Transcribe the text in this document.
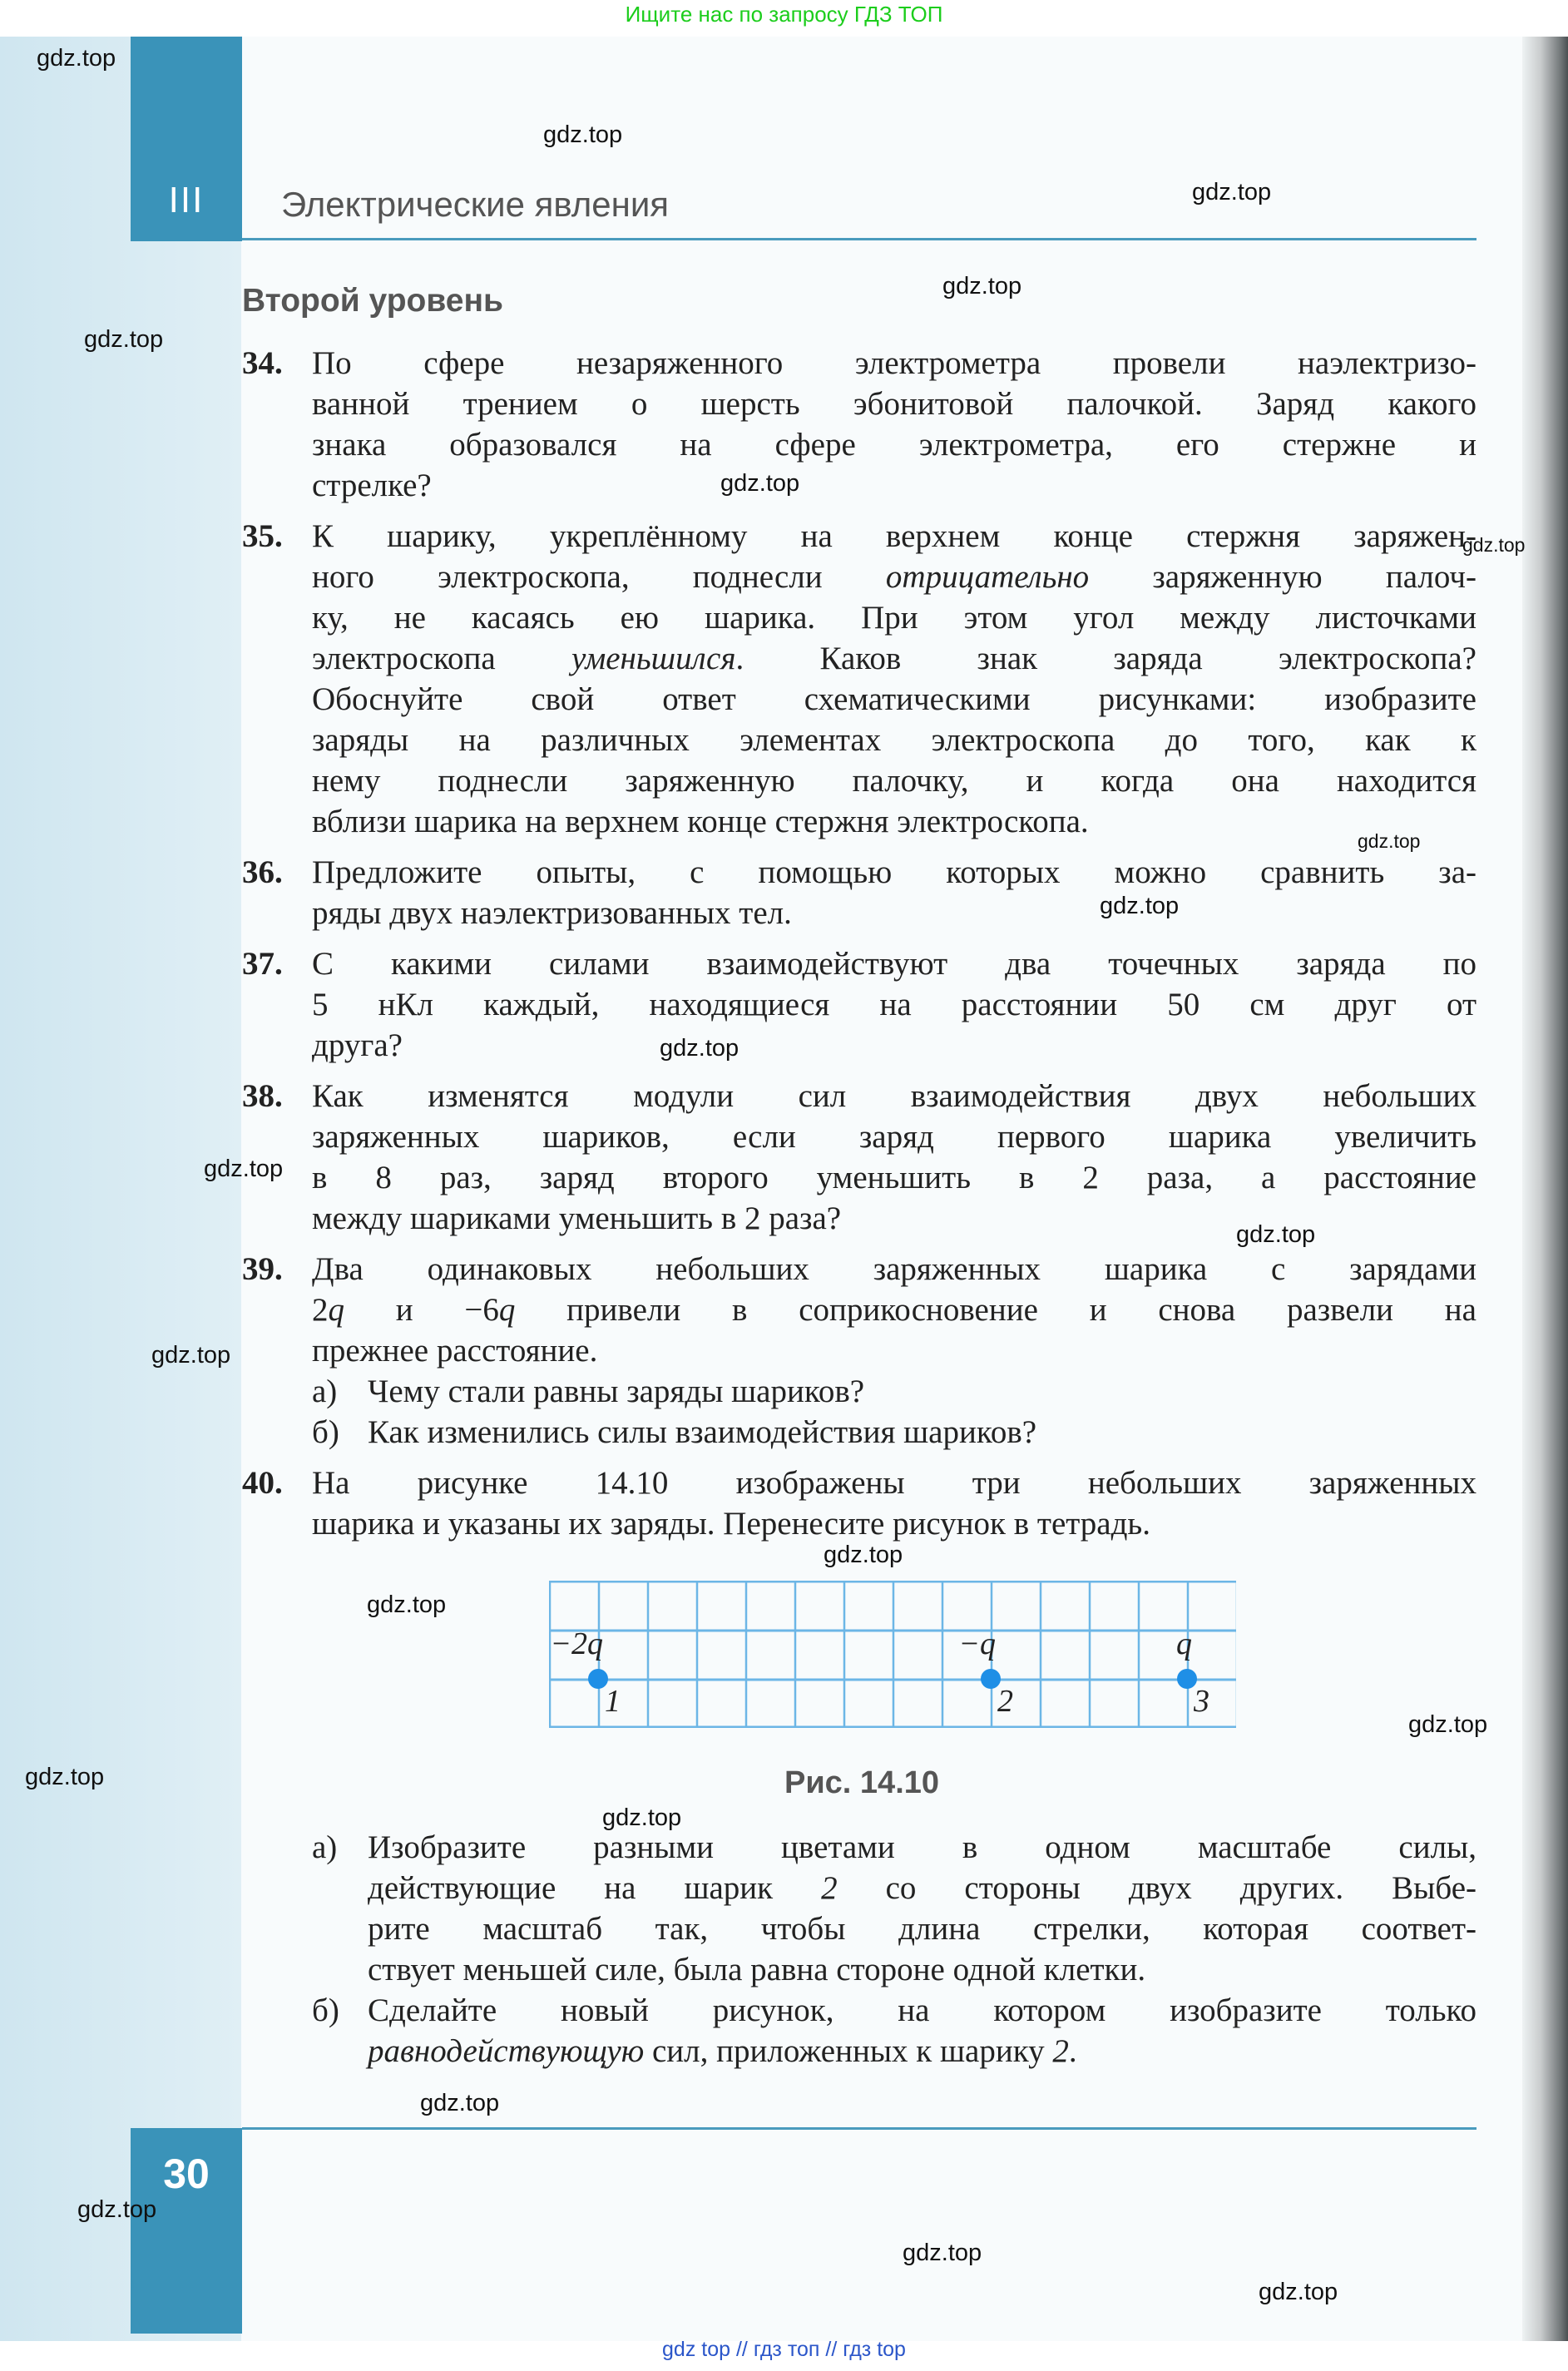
Ищите нас по запросу ГДЗ ТОП
III	Электрические явления
Второй уровень
34. По сфере незаряженного электрометра провели наэлектризо-
ванной трением о шерсть эбонитовой палочкой. Заряд какого
знака образовался на сфере электрометра, его стержне и
стрелке?
35. К шарику, укреплённому на верхнем конце стержня заряжен-
ного электроскопа, поднесли отрицательно заряженную палоч-
ку, не касаясь ею шарика. При этом угол между листочками
электроскопа уменьшился. Каков знак заряда электроскопа?
Обоснуйте свой ответ схематическими рисунками: изобразите
заряды на различных элементах электроскопа до того, как к
нему поднесли заряженную палочку, и когда она находится
вблизи шарика на верхнем конце стержня электроскопа.
36. Предложите опыты, с помощью которых можно сравнить за-
ряды двух наэлектризованных тел.
37. С какими силами взаимодействуют два точечных заряда по
5 нКл каждый, находящиеся на расстоянии 50 см друг от
друга?
38. Как изменятся модули сил взаимодействия двух небольших
заряженных шариков, если заряд первого шарика увеличить
в 8 раз, заряд второго уменьшить в 2 раза, а расстояние
между шариками уменьшить в 2 раза?
39. Два одинаковых небольших заряженных шарика с зарядами
2q и −6q привели в соприкосновение и снова развели на
прежнее расстояние.
а) Чему стали равны заряды шариков?
б) Как изменились силы взаимодействия шариков?
40. На рисунке 14.10 изображены три небольших заряженных
шарика и указаны их заряды. Перенесите рисунок в тетрадь.
−2q
1
−q
2
q
3
Рис. 14.10
а) Изобразите разными цветами в одном масштабе силы,
действующие на шарик 2 со стороны двух других. Выбе-
рите масштаб так, чтобы длина стрелки, которая соответ-
ствует меньшей силе, была равна стороне одной клетки.
б) Сделайте новый рисунок, на котором изобразите только
равнодействующую сил, приложенных к шарику 2.
30
gdz top // гдз топ // гдз top
gdz.top
gdz.top
gdz.top
gdz.top
gdz.top
gdz.top
gdz.top
gdz.top
gdz.top
gdz.top
gdz.top
gdz.top
gdz.top
gdz.top
gdz.top
gdz.top
gdz.top
gdz.top
gdz.top
gdz.top
gdz.top
gdz.top
